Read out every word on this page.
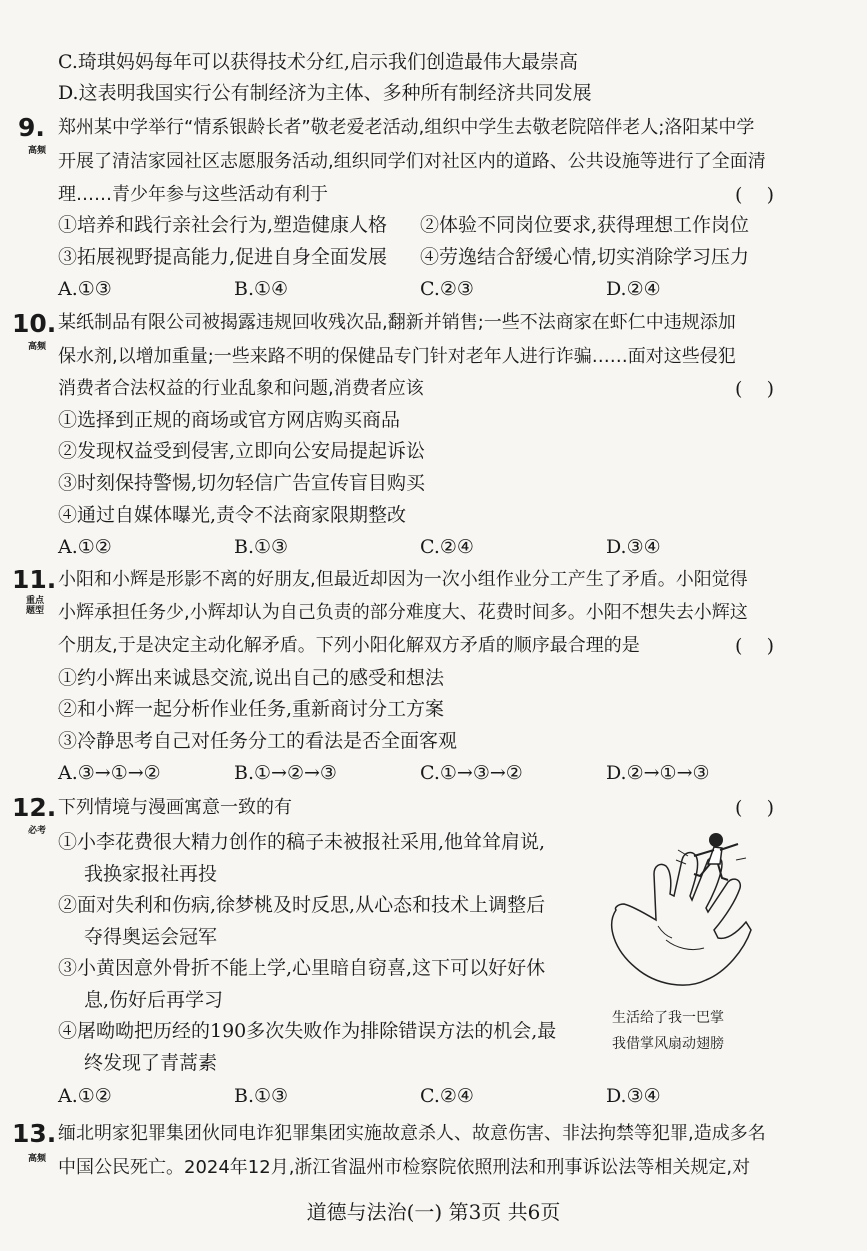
C.琦琪妈妈每年可以获得技术分红,启示我们创造最伟大最崇高
D.这表明我国实行公有制经济为主体、多种所有制经济共同发展
9.
高频
郑州某中学举行“情系银龄长者”敬老爱老活动,组织中学生去敬老院陪伴老人;洛阳某中学
开展了清洁家园社区志愿服务活动,组织同学们对社区内的道路、公共设施等进行了全面清
理……青少年参与这些活动有利于	(    )
①培养和践行亲社会行为,塑造健康人格 ②体验不同岗位要求,获得理想工作岗位
③拓展视野提高能力,促进自身全面发展 ④劳逸结合舒缓心情,切实消除学习压力
A.①③	B.①④	C.②③	D.②④
10.
高频
某纸制品有限公司被揭露违规回收残次品,翻新并销售;一些不法商家在虾仁中违规添加
保水剂,以增加重量;一些来路不明的保健品专门针对老年人进行诈骗……面对这些侵犯
消费者合法权益的行业乱象和问题,消费者应该	(    )
①选择到正规的商场或官方网店购买商品
②发现权益受到侵害,立即向公安局提起诉讼
③时刻保持警惕,切勿轻信广告宣传盲目购买
④通过自媒体曝光,责令不法商家限期整改
A.①②	B.①③	C.②④	D.③④
11.
重点题型
小阳和小辉是形影不离的好朋友,但最近却因为一次小组作业分工产生了矛盾。小阳觉得
小辉承担任务少,小辉却认为自己负责的部分难度大、花费时间多。小阳不想失去小辉这
个朋友,于是决定主动化解矛盾。下列小阳化解双方矛盾的顺序最合理的是	(    )
①约小辉出来诚恳交流,说出自己的感受和想法
②和小辉一起分析作业任务,重新商讨分工方案
③冷静思考自己对任务分工的看法是否全面客观
A.③→①→②	B.①→②→③	C.①→③→②	D.②→①→③
12.
必考
下列情境与漫画寓意一致的有	(    )
①小李花费很大精力创作的稿子未被报社采用,他耸耸肩说,
我换家报社再投
②面对失利和伤病,徐梦桃及时反思,从心态和技术上调整后
夺得奥运会冠军
③小黄因意外骨折不能上学,心里暗自窃喜,这下可以好好休
息,伤好后再学习
④屠呦呦把历经的190多次失败作为排除错误方法的机会,最
终发现了青蒿素
生活给了我一巴掌
我借掌风扇动翅膀
A.①②	B.①③	C.②④	D.③④
13.
高频
缅北明家犯罪集团伙同电诈犯罪集团实施故意杀人、故意伤害、非法拘禁等犯罪,造成多名
中国公民死亡。2024年12月,浙江省温州市检察院依照刑法和刑事诉讼法等相关规定,对
道德与法治(一) 第3页 共6页
